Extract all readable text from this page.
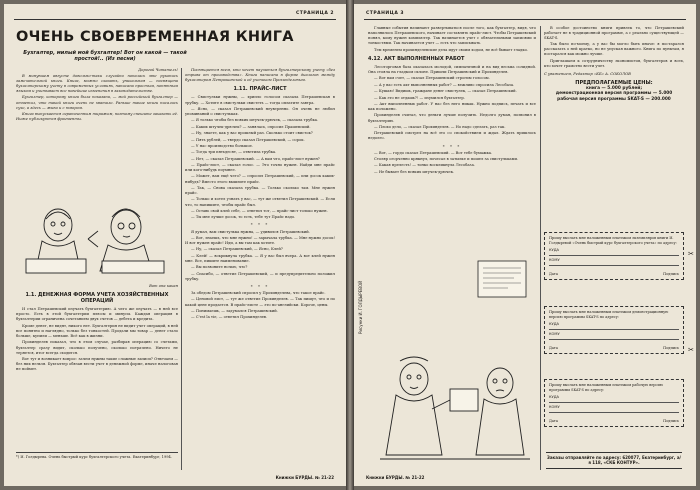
СТРАНИЦА 2
ОЧЕНЬ СВОЕВРЕМЕННАЯ КНИГА
Бухгалтер, милый мой бухгалтер! Вот он какой — такой простой!.. (Из песни)

Дорогой Читатель!

В минувшем августе довольно-таки случайно попалась мне рукопись замечательной книги. Книга, можно сказать, уникальная — посвящена бухгалтерскому учету в современных условиях, написана простым, понятным языком и учитывает все новейшие изменения в законодательстве.

Бухгалтер, которому книга была показана, — мой российский бухгалтер — отметил, что такой книги очень не хватало. Раньше такие книги писались сухо, а здесь — живо и с юмором.

Книга выпускается ограниченным тиражом, поэтому спешите заказать её. Ниже публикуются фрагменты.

Вот она какая

1.1. ДЕНЕЖНАЯ ФОРМА УЧЕТА ХОЗЯЙСТВЕННЫХ ОПЕРАЦИЙ

И стал Петрашевский изучать бухгалтерию. А чего же изучать — в ней все просто. Есть в этой бухгалтерии плюсы и минусы. Каждая операция в бухгалтерии ограничена сочетанием двух счетов — дебета и кредита.

Кроме денег, не видят, никого нет. Бухгалтерия не видит учет операций, в ней все понятно и наглядно, только без тонкостей. Продали мы товар — денег стало больше, купили — меньше. Всё как в жизни.

Прохинделев показал, что в этом случае, разбирая операцию со счетами, бухгалтер сразу видит, сколько получено, сколько потрачено. Ничего не теряется, итог всегда сходится.

Вот тут и возникает вопрос: зачем нужны такие сложные записи? Отвечаем — без них нельзя. Бухгалтер обязан вести учет в денежной форме, иначе налоговая не поймет.

*) И. Голдырева. Очень быстрый курс бухгалтерского учета. Екатеринбург, 1994.

Посвящается всем, кто хочет научиться бухгалтерскому учету «без отрыва от производства». Книга написана в форме диалогов между бухгалтером Петрашевской и её учеником Прохинделевым.

1.11. ПРАЙС-ЛИСТ

— Свистульки нужны, — хрипло голосом сказала Петрашевская в трубку. — Хотите в свистульки свистеть — тогда оплатите завтра.

— Ясно, — сказал Петрашевский неуверенно. Он очень не любил упоминаний о свистульках.

— Я только чтобы без всяких штучек-дрючек, — сказала трубка.

— Каких штучек-дрючек? — занялась, спросил Прашевский.

— Ну, знаете, как у вас прошлый раз. Сколько стоит свисток?

— Пять рублей, — твердо сказал Петрашевский, — сорок.

— У нас производство большое.

— Тогда три пятьдесят, — ответила трубка.

— Нет, — сказал Петрашевский. — А вам что, прайс-лист нужен?

— Прайс-лист, — сказал голос. — Это точно нужен. Найди мне прайс или кого-нибудь поумнее.

— Может, вам ещё чего? — спросил Петрашевский, — или досок каких-нибудь? Вместо этого вышлите прайс.

— Так, — Снова сказала трубка. — Только сколько там. Мне нужен прайс.

— Только и хотел узнать у вас, — тут же ответил Петрашевский. — Если что, то напишите, чтобы прайс был.

— Оставь свой клей себе, — ответил тот, — прайс-лист только нужен.

— Ты мне лучше досок, то есть, тебе тут Прайс надо.

* * *

Я думал, вам свистулька нужна, — удивился Петрашевский.

— Вот, знаешь, что мне нужно! — зарычала трубка. — Мне нужно досок! И вот нужен прайс! Иди, а вы там как хотите.

— Ну, — сказал Петрашевский, — Ясно, Клей?

— Клей! — вскрикнула трубка. — Я у вас был вчера. А вот клей нужен мне. Все, пишите наименование.

— Вы позвоните ночью, что?

— Спасибо, — ответил Петрашевский, — и предупредительно положил трубку.

* * *

За обедом Петрашевский спросил у Прохинделева, что такое прайс.

— Ценовой лист, — тут же ответил Прохинделев. — Так пишут, что и по какой цене продается. В прайс-листе — это по-английски. Короче, цены.

— Понимаешь, — задумался Петрашевский.

— C'est la vie, — ответил Прохинделев.

Книжки БУРДЫ. № 21-22
СТРАНИЦА 3

Главные события начинают развертываться после того, как бухгалтер, видя, что наполнилось Петрашевского, начинает составлять прайс-лист. Чтобы Петрашевский понял, кому нужен компьютер. Так начинается учет с обязательными записями и тонкостями. Так начинается учет — есть что записывать.

Тем временем прохинделевские дела идут своим ходом, не всё бывает гладко.

4.12. АКТ ВЫПОЛНЕННЫХ РАБОТ

Лесоторговая база оказалась молодой, симпатичной и на вид весьма солидной. Она стояла на гладком склоне. Пришли Петрашевский и Прохинделев.

— Вот вам счет, — сказал Петрашевский строгим голосом.

— А у вас есть акт выполненных работ? — вежливо спросила Лесобаза.

— Кушаю! Видишь, граждане денег свистулек, — сказал Петрашевский.

— Как это не отдашь?! — изумился бухгалтер.

— Акт выполненных работ. У нас без него никак. Нужно подпись, печать и все как положено.

Прохинделев считал, что деньги лучше получить. Недолго думая, позвонил в бухгалтерию.

— Плохо дело, — сказал Прохинделев. — Но надо сделать, раз так.

Петрашевский смотрел на всё это со спокойствием и ждал. Ждать пришлось недолго.

* * *

— Вот, — гордо сказал Петрашевский. — Вот тебе бумажка.

Столяр огорченно крякнул, почесал в затылке и пошел за свистульками.

— Какая прелесть! — тонко воскликнула Лесобаза.

— Не бывает без всяких штучек-дрючек.

Рисунки И. ГОЛДЫРЕВОЙ

В особое достоинство книги привлек то, что Петрашевский работает не в традиционной программе, а с реально существующей — SKAT-S.

Так было по-моему, а у вас бы могло быть иначе: я постарался рассказать о ней кратко, но не упуская важного. Книга по пунктам, я постарался как можно лучше.

Приглашаем к сотрудничеству экономистов, бухгалтеров и всех, кто хочет грамотно вести учет.

С уважением, Редактор «КБ» А. СОКОЛОВ

ПРЕДПОЛАГАЕМЫЕ ЦЕНЫ:
книга — 5.000 рублей;
демонстрационная версия программы — 5.000
рабочая версия программы SKAT-S — 200.000
Прошу выслать мне наложенным платежом экземпляров книги И. Голдыревой «Очень быстрый курс бухгалтерского учета» по адресу:
КУДА
КОМУ
Дата	Подпись
✂
Прошу выслать мне наложенным платежом демонстрационную версию программы SKAT-S по адресу:
КУДА
КОМУ
Дата	Подпись ✂
Прошу выслать мне наложенным платежом рабочую версию программы SKAT-S по адресу:
КУДА
КОМУ
Дата	Подпись
Заказы отправляйте по адресу: 620077, Екатеринбург, а/я 118, «СКБ КОНТУР».
Книжки БУРДЫ. № 21-22
